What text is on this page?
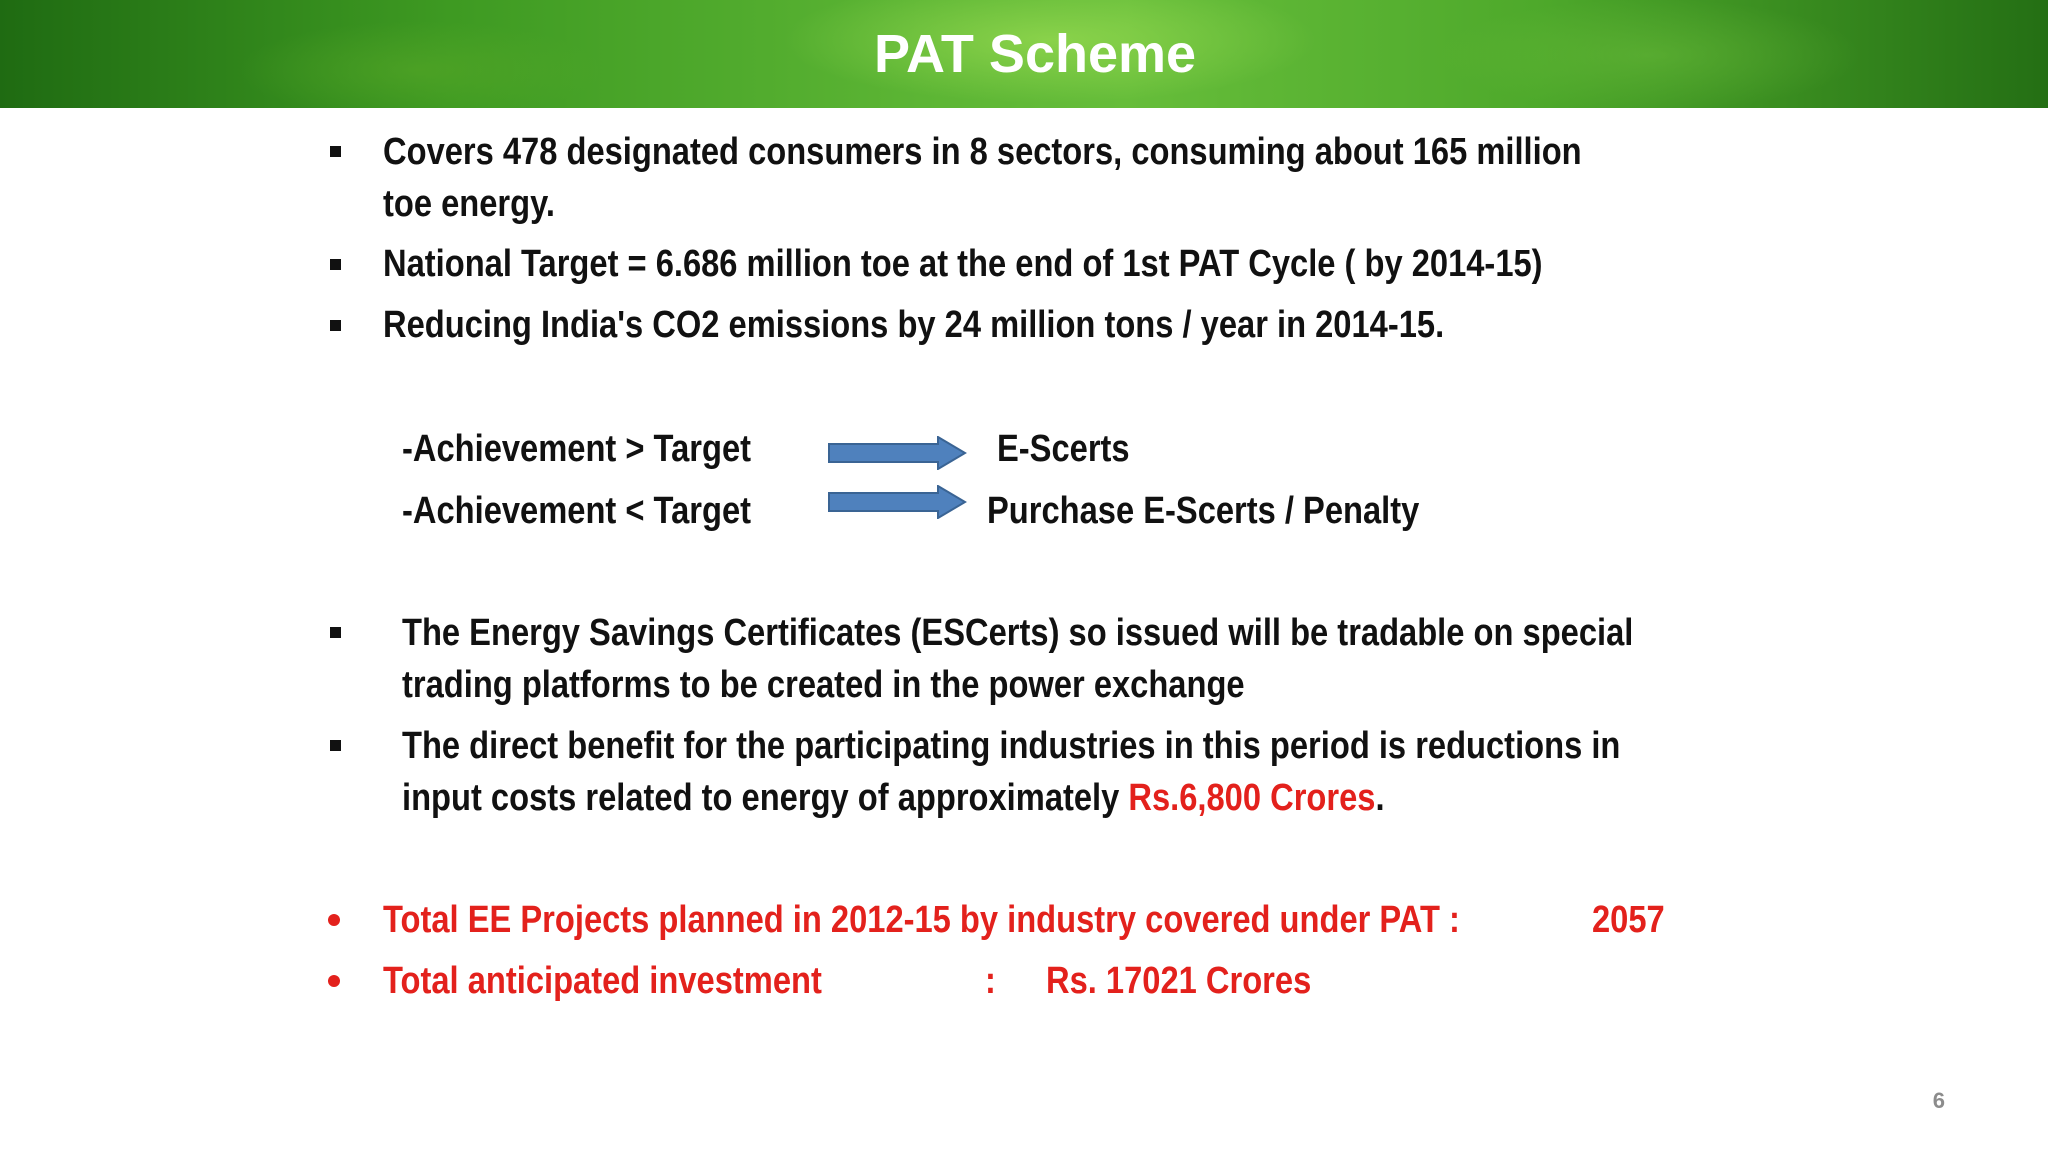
PAT Scheme
Covers 478 designated consumers in 8 sectors, consuming about 165 million
toe energy.
National Target = 6.686 million toe at the end of 1st PAT Cycle ( by 2014-15)
Reducing India's CO2 emissions by 24 million tons / year in 2014-15.
-Achievement > Target	E-Scerts
-Achievement < Target	Purchase E-Scerts / Penalty
The Energy Savings Certificates (ESCerts) so issued will be tradable on special
trading platforms to be created in the power exchange
The direct benefit for the participating industries in this period is reductions in
input costs related to energy of approximately Rs.6,800 Crores.
Total EE Projects planned in 2012-15 by industry covered under PAT :	2057
Total anticipated investment	: Rs. 17021 Crores
6
